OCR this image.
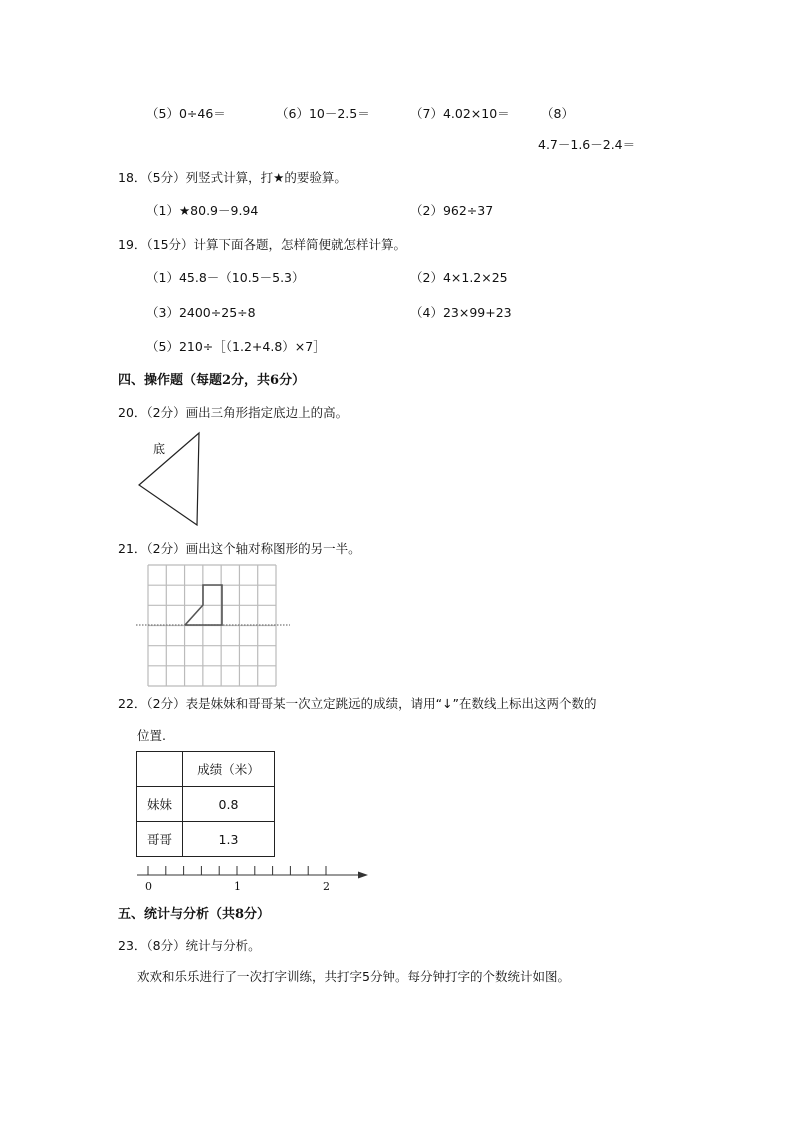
（5）0÷46＝	（6）10－2.5＝	（7）4.02×10＝	（8）
4.7－1.6－2.4＝
18．（5分）列竖式计算，打★的要验算。
（1）★80.9－9.94	（2）962÷37
19．（15分）计算下面各题，怎样简便就怎样计算。
（1）45.8－（10.5－5.3）	（2）4×1.2×25
（3）2400÷25÷8	（4）23×99+23
（5）210÷［（1.2+4.8）×7］
四、操作题（每题2分，共6分）
20．（2分）画出三角形指定底边上的高。
底
21．（2分）画出这个轴对称图形的另一半。
22．（2分）表是妹妹和哥哥某一次立定跳远的成绩，请用“↓”在数线上标出这两个数的
位置.
	成绩（米）
妹妹	0.8
哥哥	1.3
0	1	2
五、统计与分析（共8分）
23．（8分）统计与分析。
欢欢和乐乐进行了一次打字训练，共打字5分钟。每分钟打字的个数统计如图。
